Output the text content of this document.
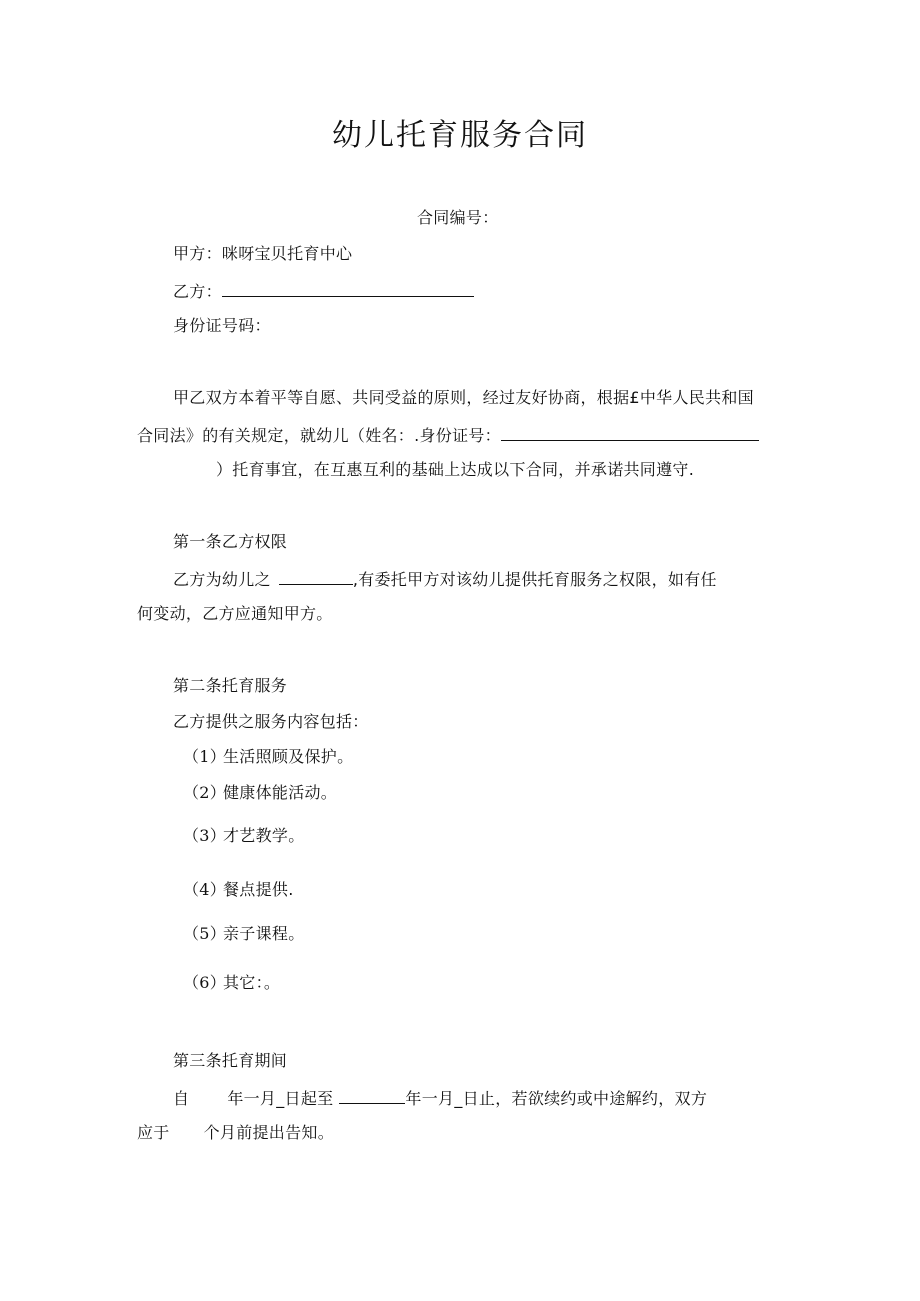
幼儿托育服务合同
合同编号：
甲方：咪呀宝贝托育中心
乙方：
身份证号码：
甲乙双方本着平等自愿、共同受益的原则，经过友好协商，根据£中华人民共和国
合同法》的有关规定，就幼儿（姓名：.身份证号：
）托育事宜，在互惠互利的基础上达成以下合同，并承诺共同遵守.
第一条乙方权限
乙方为幼儿之	,有委托甲方对该幼儿提供托育服务之权限，如有任
何变动，乙方应通知甲方。
第二条托育服务
乙方提供之服务内容包括：
（1）生活照顾及保护。
（2）健康体能活动。
（3）才艺教学。
（4）餐点提供.
（5）亲子课程。
（6）其它：。
第三条托育期间
自 年一月_日起至	年一月_日止，若欲续约或中途解约，双方
应于 个月前提出告知。
